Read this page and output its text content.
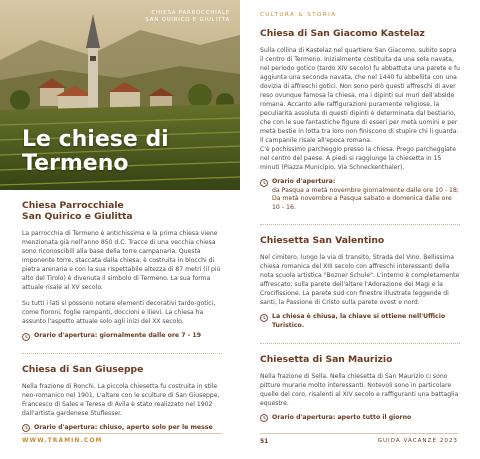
CHIESA PARROCCHIALE
SAN QUIRICO E GIULITTA
Le chiese di
Termeno
Chiesa Parrocchiale
San Quirico e Giulitta

La parrocchia di Termeno è antichissima e la prima chiesa viene menzionata già nell'anno 850 d.C. Tracce di una vecchia chiesa sono riconoscibili alla base della torre campanaria. Questa imponente torre, staccata dalla chiesa, è costruita in blocchi di pietra arenaria e con la sua rispettabile altezza di 87 metri (il più alto del Tirolo) è divenuta il simbolo di Termeno. La sua forma attuale risale al XV secolo.

Su tutti i lati si possono notare elementi decorativi tardo-gotici, come fioroni, foglie rampanti, doccioni e ilievi. La chiesa ha assunto l'aspetto attuale solo agli inizi del XX secolo.

Orario d'apertura: giornalmente dalle ore 7 - 19
Chiesa di San Giuseppe

Nella frazione di Ronchi. La piccola chiesetta fu costruita in stile neo-romanico nel 1901. L'altare con le sculture di San Giuseppe, Francesco di Sales e Teresa di Avila è stato realizzato nel 1902 dall'artista gardenese Stuflesser.

Orario d'apertura: chiuso, aperto solo per le messe
CULTURA & STORIA
Chiesa di San Giacomo Kastelaz

Sulla collina di Kastelaz nel quartiere San Giacomo, subito sopra il centro di Termeno. Inizialmente costituita da una sola navata, nel periodo gotico (tardo XIV secolo) fu abbattuta una parete e fu aggiunta una seconda navata, che nel 1440 fu abbellita con una dovizia di affreschi gotici. Non sono però questi affreschi di aver reso ovunque famosa la chiesa, ma i dipinti sui muri dell'abside romana. Accanto alle raffigurazioni puramente religiose, la peculiarità assoluta di questi dipinti è determinata dal bestiario, che con le sue fantastiche figure di esseri per metà uomini e per metà bestie in lotta tra loro non finiscono di stupire chi li guarda. Il campanile risale all'epoca romana.

C'è pochissimo parcheggio presso la chiesa. Prego parcheggiate nel centro del paese. A piedi si raggiunge la chiesetta in 15 minuti (Piazza Municipio, Via Schneckenthaler).

Orario d'apertura:
da Pasqua a metà novembre giornalmente dalle ore 10 - 18;
Da metà novembre a Pasqua sabato e domenica dalle ore 10 - 16.
Chiesetta San Valentino

Nel cimitero, lungo la via di transito, Strada del Vino. Bellissima chiesa romanica del XIII secolo con affreschi interessanti della nota scuola artistica "Bozner Schule". L'interno è completamente affrescato; sulla parete dell'altare l'Adorazione dei Magi e la Crocifissione. La parete sud con finestre illustrate leggende di santi, la Passione di Cristo sulla parete ovest e nord.

La chiesa è chiusa, la chiave si ottiene nell'Ufficio Turistico.
Chiesetta di San Maurizio

Nella frazione di Sella. Nella chiesetta di San Maurizio ci sono pitture murarie molto interessanti. Notevoli sono in particolare quelle del coro, risalenti al XIV secolo e raffiguranti una battaglia equestre.

Orario d'apertura: aperto tutto il giorno
WWW.TRAMIN.COM	51	GUIDA VACANZE 2023
